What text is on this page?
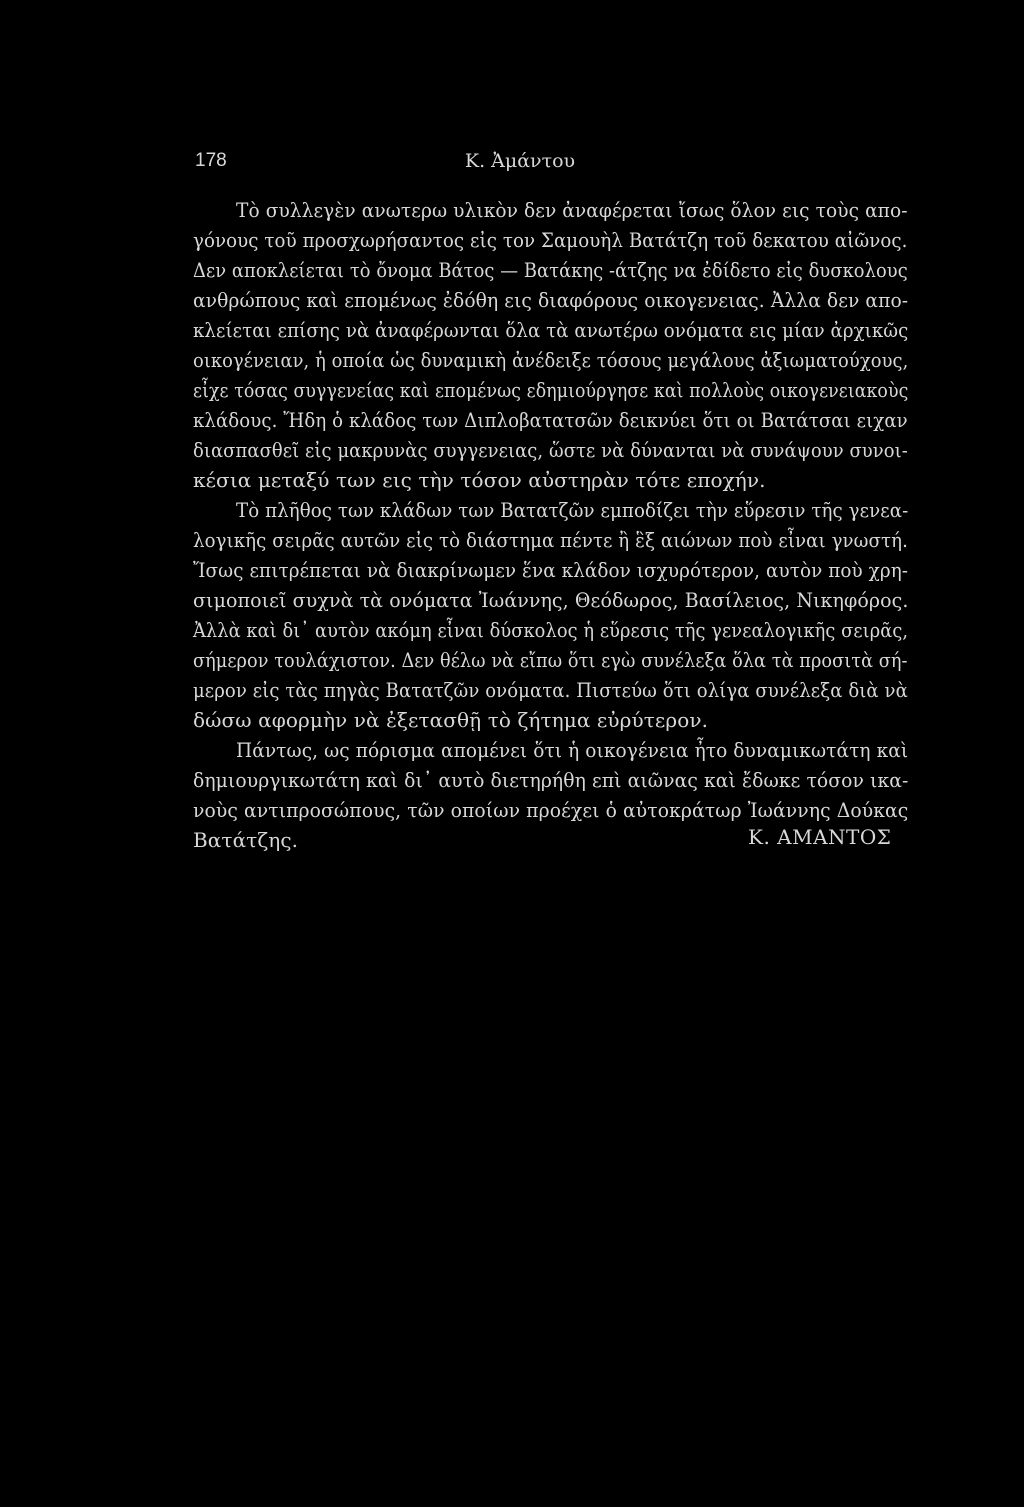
178	Κ. Ἀμάντου
Τὸ συλλεγὲν ανωτερω υλικὸν δεν ἀναφέρεται ἴσως ὅλον εις τοὺς απο-
γόνους τοῦ προσχωρήσαντος εἰς τον Σαμουὴλ Βατάτζη τοῦ δεκατου αἰῶνος.
Δεν αποκλείεται τὸ ὄνομα Βάτος — Βατάκης -άτζης να ἐδίδετο εἰς δυσκολους
ανθρώπους καὶ επομένως ἐδόθη εις διαφόρους οικογενειας. Ἀλλα δεν απο-
κλείεται επίσης νὰ ἀναφέρωνται ὅλα τὰ ανωτέρω ονόματα εις μίαν ἀρχικῶς
οικογένειαν, ἡ οποία ὡς δυναμικὴ ἀνέδειξε τόσους μεγάλους ἀξιωματούχους,
εἶχε τόσας συγγενείας καὶ επομένως εδημιούργησε καὶ πολλοὺς οικογενειακοὺς
κλάδους. Ἤδη ὁ κλάδος των Διπλοβατατσῶν δεικνύει ὅτι οι Βατάτσαι ειχαν
διασπασθεῖ εἰς μακρυνὰς συγγενειας, ὥστε νὰ δύνανται νὰ συνάψουν συνοι-
κέσια μεταξύ των εις τὴν τόσον αὐστηρὰν τότε εποχήν.
Τὸ πλῆθος των κλάδων των Βατατζῶν εμποδίζει τὴν εὕρεσιν τῆς γενεα-
λογικῆς σειρᾶς αυτῶν εἰς τὸ διάστημα πέντε ἢ ἓξ αιώνων ποὺ εἶναι γνωστή.
Ἴσως επιτρέπεται νὰ διακρίνωμεν ἕνα κλάδον ισχυρότερον, αυτὸν ποὺ χρη-
σιμοποιεῖ συχνὰ τὰ ονόματα Ἰωάννης, Θεόδωρος, Βασίλειος, Νικηφόρος.
Ἀλλὰ καὶ δι᾽ αυτὸν ακόμη εἶναι δύσκολος ἡ εὕρεσις τῆς γενεαλογικῆς σειρᾶς,
σήμερον τουλάχιστον. Δεν θέλω νὰ εἴπω ὅτι εγὼ συνέλεξα ὅλα τὰ προσιτὰ σή-
μερον εἰς τὰς πηγὰς Βατατζῶν ονόματα. Πιστεύω ὅτι ολίγα συνέλεξα διὰ νὰ
δώσω αφορμὴν νὰ ἐξετασθῇ τὸ ζήτημα εὐρύτερον.
Πάντως, ως πόρισμα απομένει ὅτι ἡ οικογένεια ἦτο δυναμικωτάτη καὶ
δημιουργικωτάτη καὶ δι᾽ αυτὸ διετηρήθη επὶ αιῶνας καὶ ἔδωκε τόσον ικα-
νοὺς αντιπροσώπους, τῶν οποίων προέχει ὁ αὐτοκράτωρ Ἰωάννης Δούκας
Βατάτζης.	Κ. ΑΜΑΝΤΟΣ
